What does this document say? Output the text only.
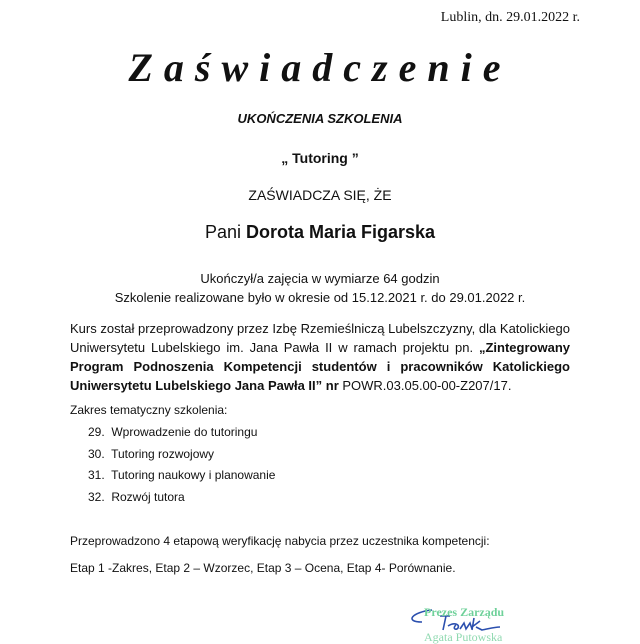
Lublin, dn. 29.01.2022 r.
Zaświadczenie
UKOŃCZENIA SZKOLENIA
„ Tutoring ”
ZAŚWIADCZA SIĘ, ŻE
Pani Dorota Maria Figarska
Ukończył/a zajęcia w wymiarze 64 godzin
Szkolenie realizowane było w okresie od 15.12.2021 r. do 29.01.2022 r.
Kurs został przeprowadzony przez Izbę Rzemieślniczą Lubelszczyzny, dla Katolickiego Uniwersytetu Lubelskiego im. Jana Pawła II w ramach projektu pn. „Zintegrowany Program Podnoszenia Kompetencji studentów i pracowników Katolickiego Uniwersytetu Lubelskiego Jana Pawła II” nr POWR.03.05.00-00-Z207/17.
Zakres tematyczny szkolenia:
29. Wprowadzenie do tutoringu
30. Tutoring rozwojowy
31. Tutoring naukowy i planowanie
32. Rozwój tutora
Przeprowadzono 4 etapową weryfikację nabycia przez uczestnika kompetencji:
Etap 1 -Zakres, Etap 2 – Wzorzec, Etap 3 – Ocena, Etap 4- Porównanie.
Prezes Zarządu
Agata Putowska
